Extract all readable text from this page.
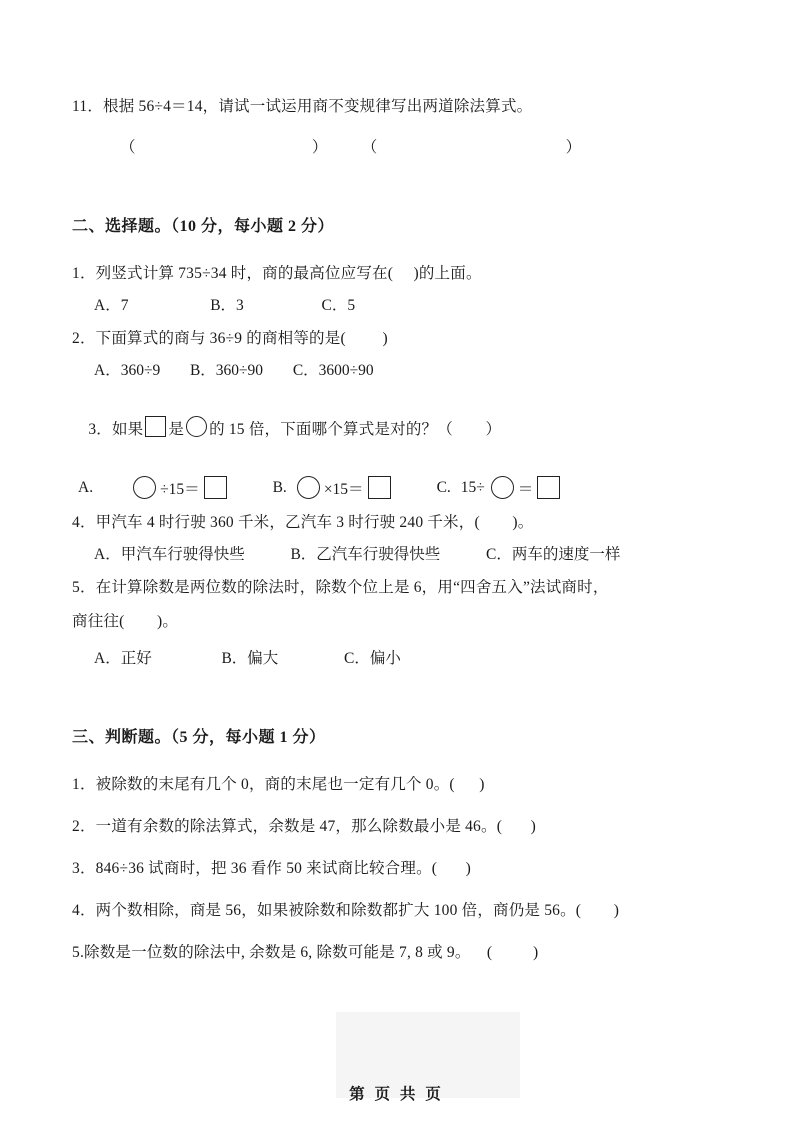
11．根据 56÷4＝14，请试一试运用商不变规律写出两道除法算式。
（	） （	）
二、选择题。（10 分，每小题 2 分）
1．列竖式计算 735÷34 时，商的最高位应写在(     )的上面。
A．7	B．3	C．5
2．下面算式的商与 36÷9 的商相等的是(         )
A．360÷9 B．360÷90 C．3600÷90

3．如果 是 的 15 倍，下面哪个算式是对的？（        ）

A.	÷15＝	B. ×15＝	C. 15÷ ＝
4．甲汽车 4 时行驶 360 千米，乙汽车 3 时行驶 240 千米，(        )。
A．甲汽车行驶得快些	B．乙汽车行驶得快些	C．两车的速度一样
5．在计算除数是两位数的除法时，除数个位上是 6，用“四舍五入”法试商时，
商往往(        )。
A．正好	B．偏大	C．偏小
三、判断题。（5 分，每小题 1 分）
1．被除数的末尾有几个 0，商的末尾也一定有几个 0。(      )
2．一道有余数的除法算式，余数是 47，那么除数最小是 46。(       )
3．846÷36 试商时，把 36 看作 50 来试商比较合理。(       )
4．两个数相除，商是 56，如果被除数和除数都扩大 100 倍，商仍是 56。(        )
5.除数是一位数的除法中, 余数是 6, 除数可能是 7, 8 或 9。    (          )
第 页 共 页
